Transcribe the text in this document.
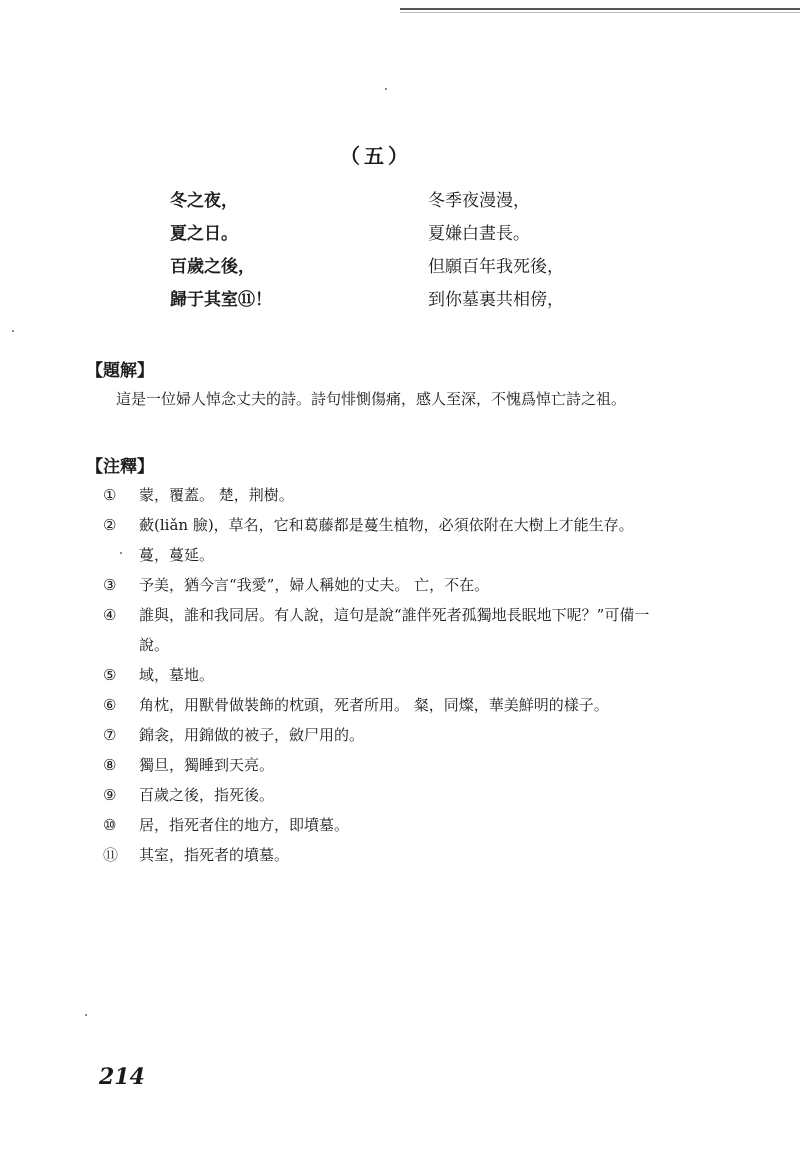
（五）
冬之夜，	冬季夜漫漫，
夏之日。	夏嫌白晝長。
百歲之後，	但願百年我死後，
歸于其室⑪！	到你墓裏共相傍，
【題解】
這是一位婦人悼念丈夫的詩。詩句悱惻傷痛，感人至深，不愧爲悼亡詩之祖。
【注釋】
①	蒙，覆蓋。 楚，荆樹。
②	蘞(liǎn 臉)，草名，它和葛藤都是蔓生植物，必須依附在大樹上才能生存。 蔓，蔓延。
③	予美，猶今言“我愛”，婦人稱她的丈夫。 亡，不在。
④	誰與，誰和我同居。有人說，這句是說“誰伴死者孤獨地長眠地下呢？”可備一說。
⑤	域，墓地。
⑥	角枕，用獸骨做裝飾的枕頭，死者所用。 粲，同燦，華美鮮明的樣子。
⑦	錦衾，用錦做的被子，斂尸用的。
⑧	獨旦，獨睡到天亮。
⑨	百歲之後，指死後。
⑩	居，指死者住的地方，即墳墓。
⑪	其室，指死者的墳墓。
214
